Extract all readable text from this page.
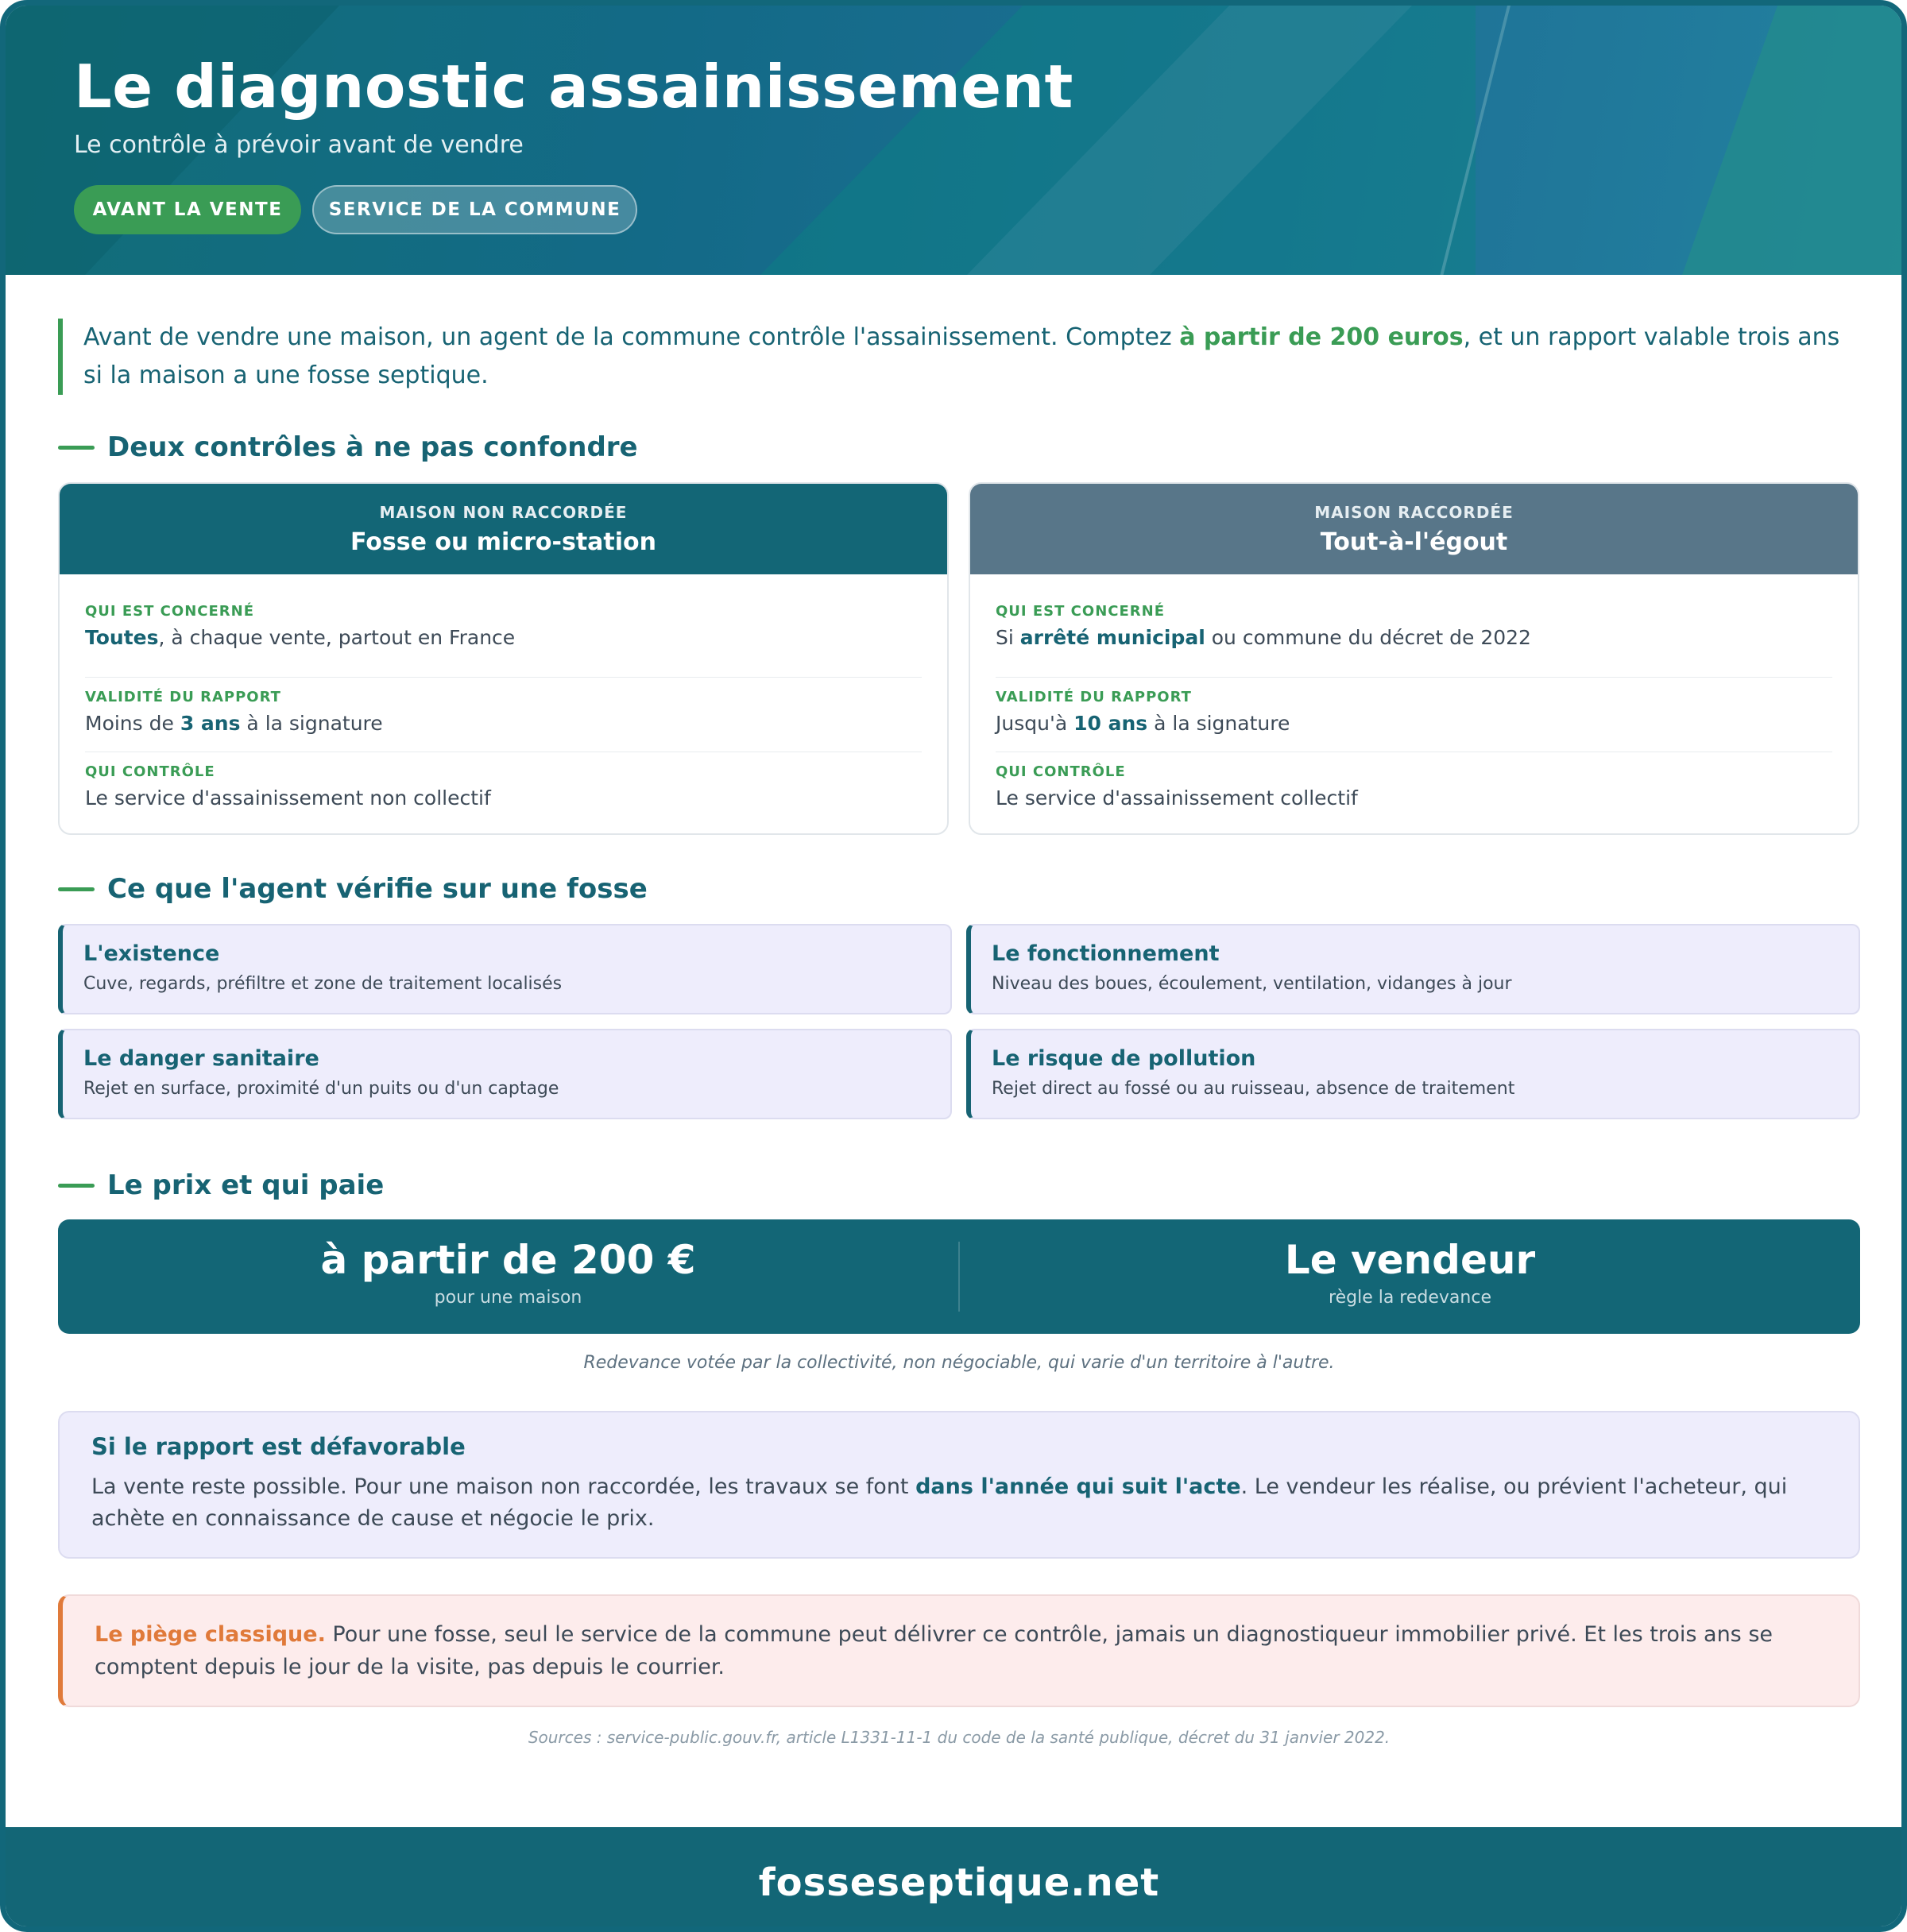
Le diagnostic assainissement
Le contrôle à prévoir avant de vendre
AVANT LA VENTE	SERVICE DE LA COMMUNE

Avant de vendre une maison, un agent de la commune contrôle l'assainissement. Comptez à partir de 200 euros, et un rapport valable trois ans si la maison a une fosse septique.

Deux contrôles à ne pas confondre
MAISON NON RACCORDÉE
Fosse ou micro-station
QUI EST CONCERNÉ
Toutes, à chaque vente, partout en France
VALIDITÉ DU RAPPORT
Moins de 3 ans à la signature
QUI CONTRÔLE
Le service d'assainissement non collectif
MAISON RACCORDÉE
Tout-à-l'égout
QUI EST CONCERNÉ
Si arrêté municipal ou commune du décret de 2022
VALIDITÉ DU RAPPORT
Jusqu'à 10 ans à la signature
QUI CONTRÔLE
Le service d'assainissement collectif
Ce que l'agent vérifie sur une fosse
L'existence
Cuve, regards, préfiltre et zone de traitement localisés
Le fonctionnement
Niveau des boues, écoulement, ventilation, vidanges à jour
Le danger sanitaire
Rejet en surface, proximité d'un puits ou d'un captage
Le risque de pollution
Rejet direct au fossé ou au ruisseau, absence de traitement
Le prix et qui paie
à partir de 200 €
pour une maison
Le vendeur
règle la redevance
Redevance votée par la collectivité, non négociable, qui varie d'un territoire à l'autre.
Si le rapport est défavorable

La vente reste possible. Pour une maison non raccordée, les travaux se font dans l'année qui suit l'acte. Le vendeur les réalise, ou prévient l'acheteur, qui achète en connaissance de cause et négocie le prix.

Le piège classique. Pour une fosse, seul le service de la commune peut délivrer ce contrôle, jamais un diagnostiqueur immobilier privé. Et les trois ans se comptent depuis le jour de la visite, pas depuis le courrier.

Sources : service-public.gouv.fr, article L1331-11-1 du code de la santé publique, décret du 31 janvier 2022.
fosseseptique.net
